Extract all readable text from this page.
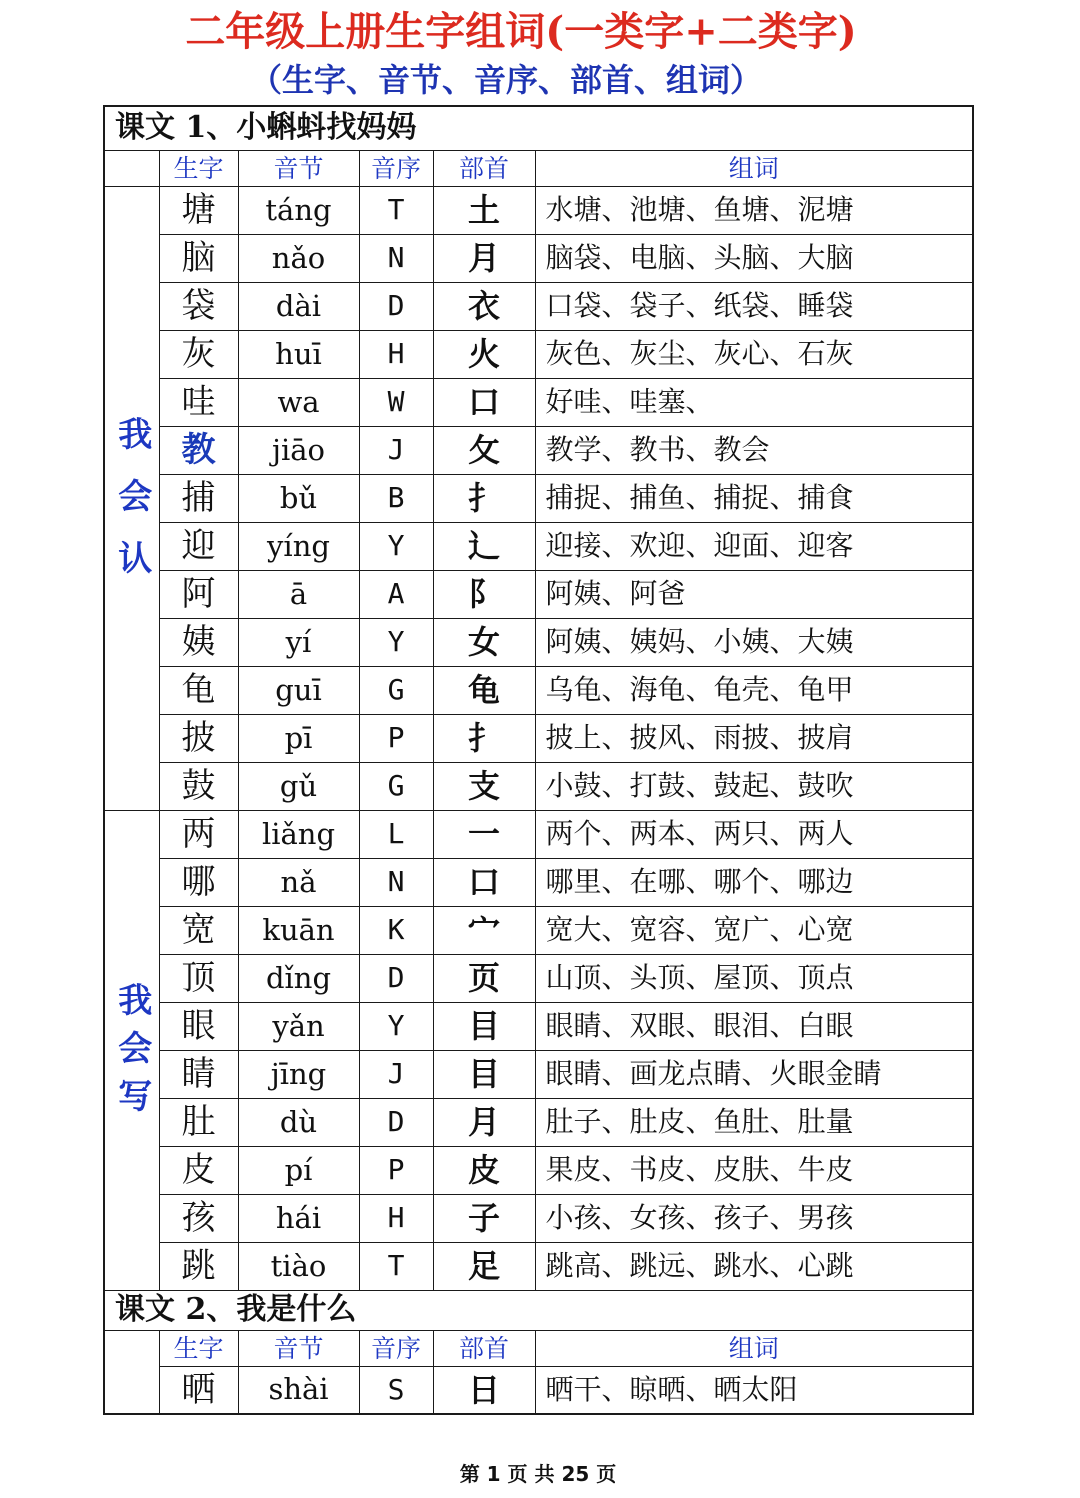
二年级上册生字组词(一类字+二类字)
（生字、音节、音序、部首、组词）
课文 1、小蝌蚪找妈妈					
	生字	音节	音序	部首	组词
我会认	塘	táng	T	土	水塘、池塘、鱼塘、泥塘
	脑	nǎo	N	月	脑袋、电脑、头脑、大脑
	袋	dài	D	衣	口袋、袋子、纸袋、睡袋
	灰	huī	H	火	灰色、灰尘、灰心、石灰
	哇	wa	W	口	好哇、哇塞、
	教	jiāo	J	攵	教学、教书、教会
	捕	bǔ	B	扌	捕捉、捕鱼、捕捉、捕食
	迎	yíng	Y	辶	迎接、欢迎、迎面、迎客
	阿	ā	A	阝	阿姨、阿爸
	姨	yí	Y	女	阿姨、姨妈、小姨、大姨
	龟	guī	G	龟	乌龟、海龟、龟壳、龟甲
	披	pī	P	扌	披上、披风、雨披、披肩
	鼓	gǔ	G	支	小鼓、打鼓、鼓起、鼓吹
我会写	两	liǎng	L	一	两个、两本、两只、两人
	哪	nǎ	N	口	哪里、在哪、哪个、哪边
	宽	kuān	K	宀	宽大、宽容、宽广、心宽
	顶	dǐng	D	页	山顶、头顶、屋顶、顶点
	眼	yǎn	Y	目	眼睛、双眼、眼泪、白眼
	睛	jīng	J	目	眼睛、画龙点睛、火眼金睛
	肚	dù	D	月	肚子、肚皮、鱼肚、肚量
	皮	pí	P	皮	果皮、书皮、皮肤、牛皮
	孩	hái	H	子	小孩、女孩、孩子、男孩
	跳	tiào	T	足	跳高、跳远、跳水、心跳
课文 2、我是什么					
	生字	音节	音序	部首	组词
	晒	shài	S	日	晒干、晾晒、晒太阳
第 1 页 共 25 页
